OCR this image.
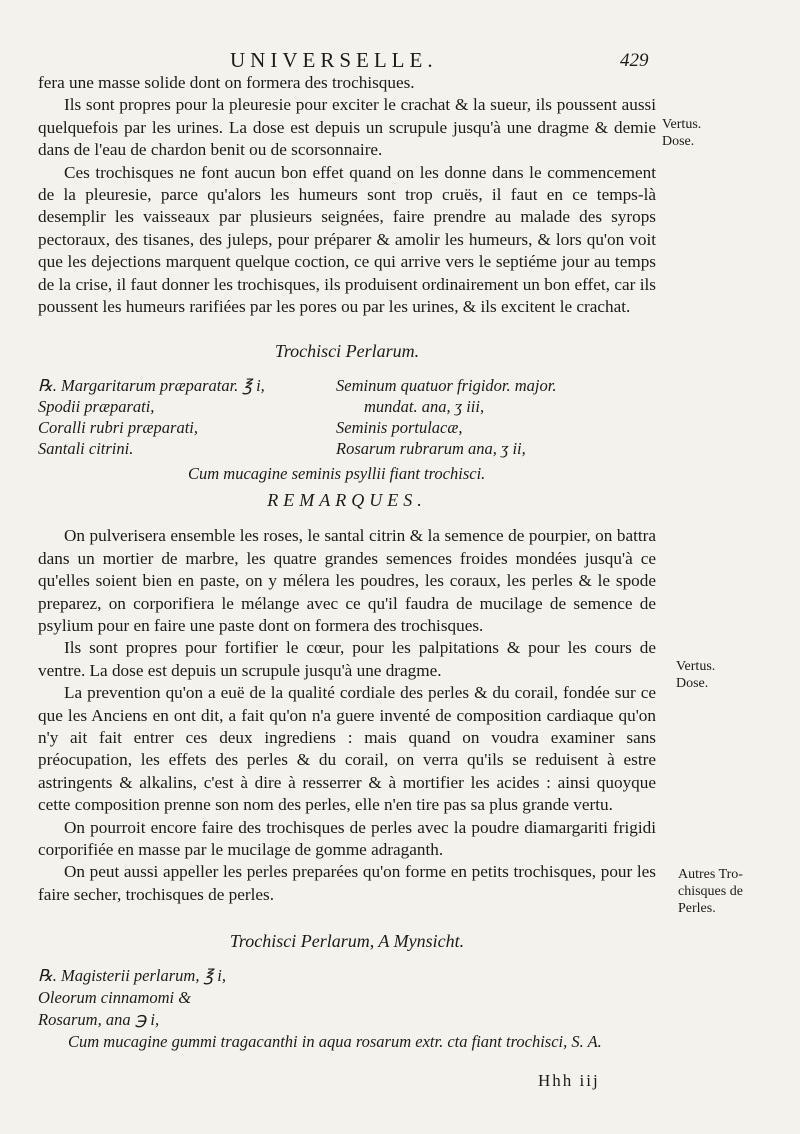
UNIVERSELLE.	429

fera une masse solide dont on formera des trochisques.

Ils sont propres pour la pleuresie pour exciter le crachat & la sueur, ils poussent aussi quelquefois par les urines. La dose est depuis un scrupule jusqu'à une dragme & demie dans de l'eau de chardon benit ou de scorsonnaire.

Ces trochisques ne font aucun bon effet quand on les donne dans le commencement de la pleuresie, parce qu'alors les humeurs sont trop cruës, il faut en ce temps-là desemplir les vaisseaux par plusieurs seignées, faire prendre au malade des syrops pectoraux, des tisanes, des juleps, pour préparer & amolir les humeurs, & lors qu'on voit que les dejections marquent quelque coction, ce qui arrive vers le septiéme jour au temps de la crise, il faut donner les trochisques, ils produisent ordinairement un bon effet, car ils poussent les humeurs rarifiées par les pores ou par les urines, & ils excitent le crachat.

Trochisci Perlarum.
℞. Margaritarum præparatar. ℥ i,
Spodii præparati,
Coralli rubri præparati,
Santali citrini.
Seminum quatuor frigidor. major.
mundat. ana, ʒ iii,
Seminis portulacæ,
Rosarum rubrarum ana, ʒ ii,
Cum mucagine seminis psyllii fiant trochisci.
REMARQUES.

On pulverisera ensemble les roses, le santal citrin & la semence de pourpier, on battra dans un mortier de marbre, les quatre grandes semences froides mondées jusqu'à ce qu'elles soient bien en paste, on y mélera les poudres, les coraux, les perles & le spode preparez, on corporifiera le mélange avec ce qu'il faudra de mucilage de semence de psylium pour en faire une paste dont on formera des trochisques.

Ils sont propres pour fortifier le cœur, pour les palpitations & pour les cours de ventre. La dose est depuis un scrupule jusqu'à une dragme.

La prevention qu'on a euë de la qualité cordiale des perles & du corail, fondée sur ce que les Anciens en ont dit, a fait qu'on n'a guere inventé de composition cardiaque qu'on n'y ait fait entrer ces deux ingrediens : mais quand on voudra examiner sans préocupation, les effets des perles & du corail, on verra qu'ils se reduisent à estre astringents & alkalins, c'est à dire à resserrer & à mortifier les acides : ainsi quoyque cette composition prenne son nom des perles, elle n'en tire pas sa plus grande vertu.

On pourroit encore faire des trochisques de perles avec la poudre diamargariti frigidi corporifiée en masse par le mucilage de gomme adraganth.

On peut aussi appeller les perles preparées qu'on forme en petits trochisques, pour les faire secher, trochisques de perles.

Trochisci Perlarum, A Mynsicht.
℞. Magisterii perlarum, ℥ i,
Oleorum cinnamomi &
Rosarum, ana ℈ i,
Cum mucagine gummi tragacanthi in aqua rosarum extr. cta fiant trochisci, S. A.
Hhh iij
Vertus.
Dose.
Vertus.
Dose.
Autres Tro-
chisques de
Perles.
